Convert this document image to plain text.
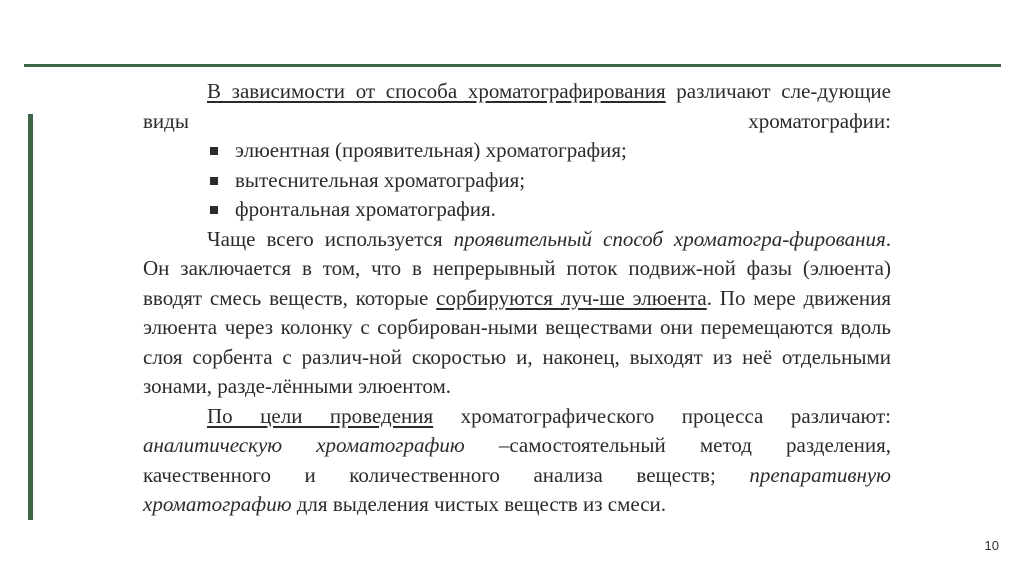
В зависимости от способа хроматографирования различают сле-дующие виды хроматографии:

элюентная (проявительная) хроматография;
вытеснительная хроматография;
фронтальная хроматография.

Чаще всего используется проявительный способ хроматогра-фирования. Он заключается в том, что в непрерывный поток подвиж-ной фазы (элюента) вводят смесь веществ, которые сорбируются луч-ше элюента. По мере движения элюента через колонку с сорбирован-ными веществами они перемещаются вдоль слоя сорбента с различ-ной скоростью и, наконец, выходят из неё отдельными зонами, разде-лёнными элюентом.

По цели проведения хроматографического процесса различают: аналитическую хроматографию –самостоятельный метод разделения, качественного и количественного анализа веществ; препаративную хроматографию для выделения чистых веществ из смеси.

10
